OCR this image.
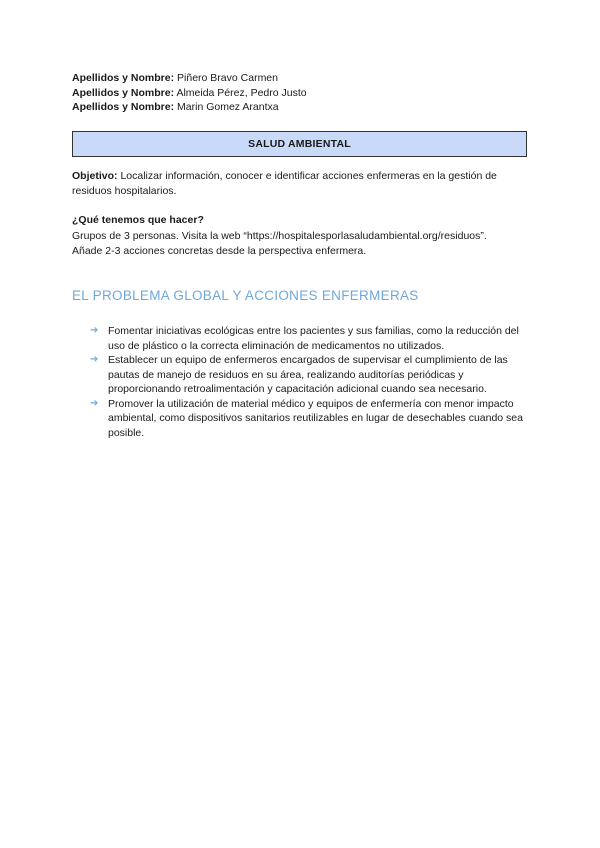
Apellidos y Nombre: Piñero Bravo Carmen
Apellidos y Nombre: Almeida Pérez, Pedro Justo
Apellidos y Nombre: Marin Gomez Arantxa
SALUD AMBIENTAL
Objetivo: Localizar información, conocer e identificar acciones enfermeras en la gestión de residuos hospitalarios.
¿Qué tenemos que hacer?
Grupos de 3 personas. Visita la web “https://hospitalesporlasaludambiental.org/residuos”.
Añade 2-3 acciones concretas desde la perspectiva enfermera.
EL PROBLEMA GLOBAL Y ACCIONES ENFERMERAS
➔ Fomentar iniciativas ecológicas entre los pacientes y sus familias, como la reducción del uso de plástico o la correcta eliminación de medicamentos no utilizados.
➔ Establecer un equipo de enfermeros encargados de supervisar el cumplimiento de las pautas de manejo de residuos en su área, realizando auditorías periódicas y proporcionando retroalimentación y capacitación adicional cuando sea necesario.
➔ Promover la utilización de material médico y equipos de enfermería con menor impacto ambiental, como dispositivos sanitarios reutilizables en lugar de desechables cuando sea posible.
